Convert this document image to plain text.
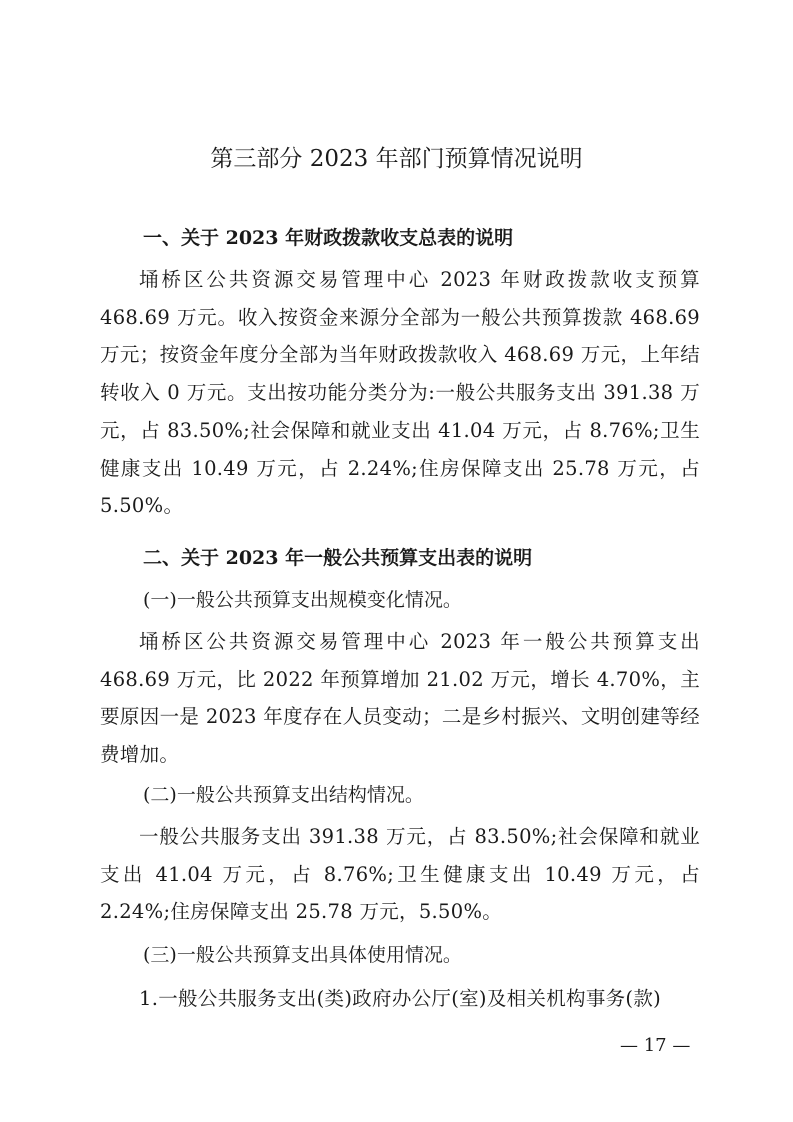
第三部分 2023 年部门预算情况说明
一、关于 2023 年财政拨款收支总表的说明
埇桥区公共资源交易管理中心 2023 年财政拨款收支预算 468.69 万元。收入按资金来源分全部为一般公共预算拨款 468.69 万元；按资金年度分全部为当年财政拨款收入 468.69 万元，上年结转收入 0 万元。支出按功能分类分为:一般公共服务支出 391.38 万元，占 83.50%;社会保障和就业支出 41.04 万元，占 8.76%;卫生健康支出 10.49 万元，占 2.24%;住房保障支出 25.78 万元，占 5.50%。
二、关于 2023 年一般公共预算支出表的说明
(一)一般公共预算支出规模变化情况。
埇桥区公共资源交易管理中心 2023 年一般公共预算支出 468.69 万元，比 2022 年预算增加 21.02 万元，增长 4.70%，主要原因一是 2023 年度存在人员变动；二是乡村振兴、文明创建等经费增加。
(二)一般公共预算支出结构情况。
一般公共服务支出 391.38 万元，占 83.50%;社会保障和就业支出 41.04 万元，占 8.76%;卫生健康支出 10.49 万元，占 2.24%;住房保障支出 25.78 万元，5.50%。
(三)一般公共预算支出具体使用情况。
1.一般公共服务支出(类)政府办公厅(室)及相关机构事务(款)
— 17 —
